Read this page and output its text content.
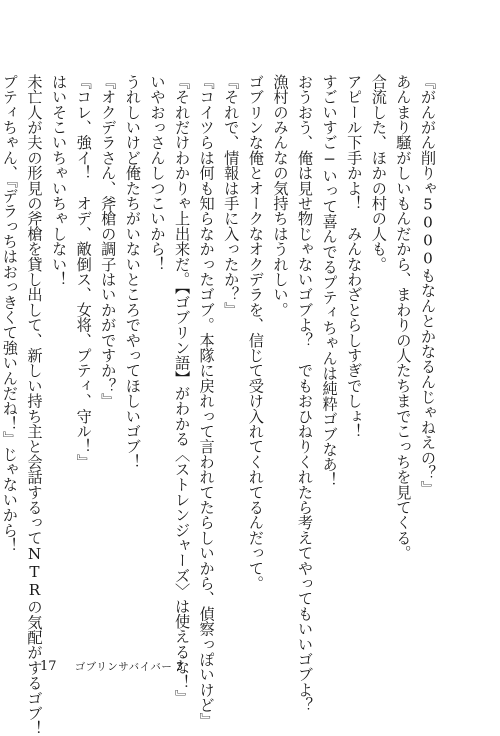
『がんがん削りゃ5000もなんとかなるんじゃねえの？』
あんまり騒がしいもんだから、まわりの人たちまでこっちを見てくる。
合流した、ほかの村の人も。
アピール下手かよ！　みんなわざとらしすぎでしょ！
すごいすご−いって喜んでるプティちゃんは純粋ゴブなあ！
おうおう、俺は見せ物じゃないゴブよ？　でもおひねりくれたら考えてやってもいいゴブよ？
漁村のみんなの気持ちはうれしい。
ゴブリンな俺とオークなオクデラを、信じて受け入れてくれてるんだって。
『それで、情報は手に入ったか？』
『コイツらは何も知らなかったゴブ。本隊に戻れって言われてたらしいから、偵察っぽいけど』
『それだけわかりゃ上出来だ。【ゴブリン語】がわかる〈ストレンジャーズ〉は使えるな！』
いやおっさんしつこいから！
うれしいけど俺たちがいないところでやってほしいゴブ！
『オクデラさん、斧槍の調子はいかがですか？』
『コレ、強イ！　オデ、敵倒ス、女将、プティ、守ル！』
はいそこいちゃいちゃしない！
未亡人が夫の形見の斧槍を貸し出して、新しい持ち主と会話するってNTRの気配がするゴブ！
プティちゃん、『デラっちはおっきくて強いんだね！』じゃないから！
17 ゴブリンサバイバー 3
